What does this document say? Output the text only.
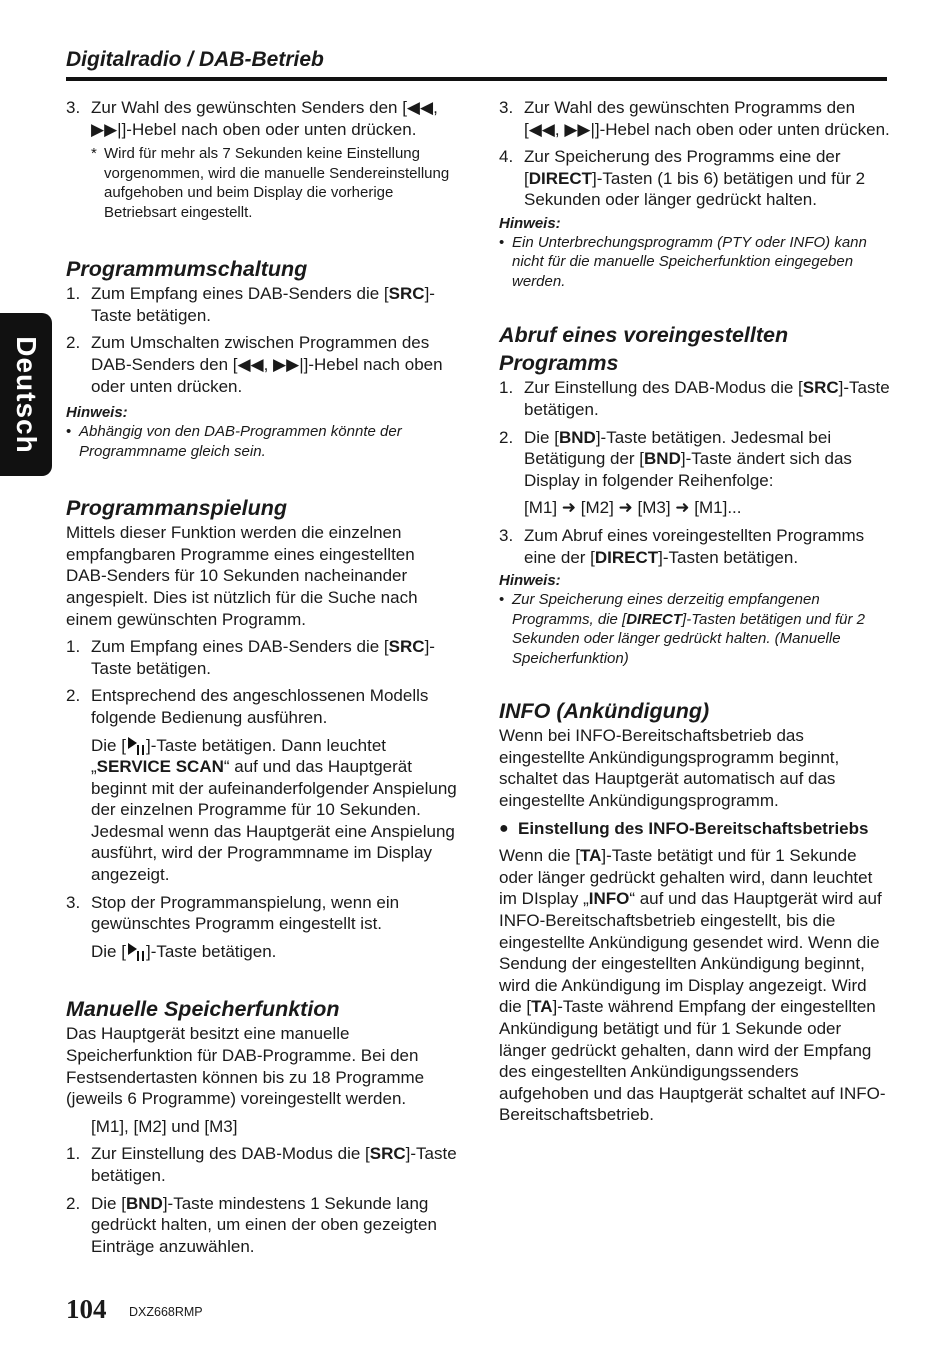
Digitalradio / DAB-Betrieb
Deutsch
3. Zur Wahl des gewünschten Senders den [◀◀, ▶▶|]-Hebel nach oben oder unten drücken.
* Wird für mehr als 7 Sekunden keine Einstellung vorgenommen, wird die manuelle Sendereinstellung aufgehoben und beim Display die vorherige Betriebsart eingestellt.
Programmumschaltung
1. Zum Empfang eines DAB-Senders die [SRC]-Taste betätigen.
2. Zum Umschalten zwischen Programmen des DAB-Senders den [◀◀, ▶▶|]-Hebel nach oben oder unten drücken.
Hinweis:
• Abhängig von den DAB-Programmen könnte der Programmname gleich sein.
Programmanspielung
Mittels dieser Funktion werden die einzelnen empfangbaren Programme eines eingestellten DAB-Senders für 10 Sekunden nacheinander angespielt. Dies ist nützlich für die Suche nach einem gewünschten Programm.
1. Zum Empfang eines DAB-Senders die [SRC]-Taste betätigen.
2. Entsprechend des angeschlossenen Modells folgende Bedienung ausführen.
Die [ ]-Taste betätigen. Dann leuchtet „SERVICE SCAN“ auf und das Hauptgerät beginnt mit der aufeinanderfolgender Anspielung der einzelnen Programme für 10 Sekunden. Jedesmal wenn das Hauptgerät eine Anspielung ausführt, wird der Programmname im Display angezeigt.
3. Stop der Programmanspielung, wenn ein gewünschtes Programm eingestellt ist.
Die [ ]-Taste betätigen.
Manuelle Speicherfunktion
Das Hauptgerät besitzt eine manuelle Speicherfunktion für DAB-Programme. Bei den Festsendertasten können bis zu 18 Programme (jeweils 6 Programme) voreingestellt werden.
[M1], [M2] und [M3]
1. Zur Einstellung des DAB-Modus die [SRC]-Taste betätigen.
2. Die [BND]-Taste mindestens 1 Sekunde lang gedrückt halten, um einen der oben gezeigten Einträge anzuwählen.
3. Zur Wahl des gewünschten Programms den [◀◀, ▶▶|]-Hebel nach oben oder unten drücken.
4. Zur Speicherung des Programms eine der [DIRECT]-Tasten (1 bis 6) betätigen und für 2 Sekunden oder länger gedrückt halten.
Hinweis:
• Ein Unterbrechungsprogramm (PTY oder INFO) kann nicht für die manuelle Speicherfunktion eingegeben werden.
Abruf eines voreingestellten Programms
1. Zur Einstellung des DAB-Modus die [SRC]-Taste betätigen.
2. Die [BND]-Taste betätigen. Jedesmal bei Betätigung der [BND]-Taste ändert sich das Display in folgender Reihenfolge:
[M1] ➜ [M2] ➜ [M3] ➜ [M1]...
3. Zum Abruf eines voreingestellten Programms eine der [DIRECT]-Tasten betätigen.
Hinweis:
• Zur Speicherung eines derzeitig empfangenen Programms, die [DIRECT]-Tasten betätigen und für 2 Sekunden oder länger gedrückt halten. (Manuelle Speicherfunktion)
INFO (Ankündigung)
Wenn bei INFO-Bereitschaftsbetrieb das eingestellte Ankündigungsprogramm beginnt, schaltet das Hauptgerät automatisch auf das eingestellte Ankündigungsprogramm.
● Einstellung des INFO-Bereitschaftsbetriebs
Wenn die [TA]-Taste betätigt und für 1 Sekunde oder länger gedrückt gehalten wird, dann leuchtet im DIsplay „INFO“ auf und das Hauptgerät wird auf INFO-Bereitschaftsbetrieb eingestellt, bis die eingestellte Ankündigung gesendet wird. Wenn die Sendung der eingestellten Ankündigung beginnt, wird die Ankündigung im Display angezeigt. Wird die [TA]-Taste während Empfang der eingestellten Ankündigung betätigt und für 1 Sekunde oder länger gedrückt gehalten, dann wird der Empfang des eingestellten Ankündigungssenders aufgehoben und das Hauptgerät schaltet auf INFO-Bereitschaftsbetrieb.
104 DXZ668RMP
